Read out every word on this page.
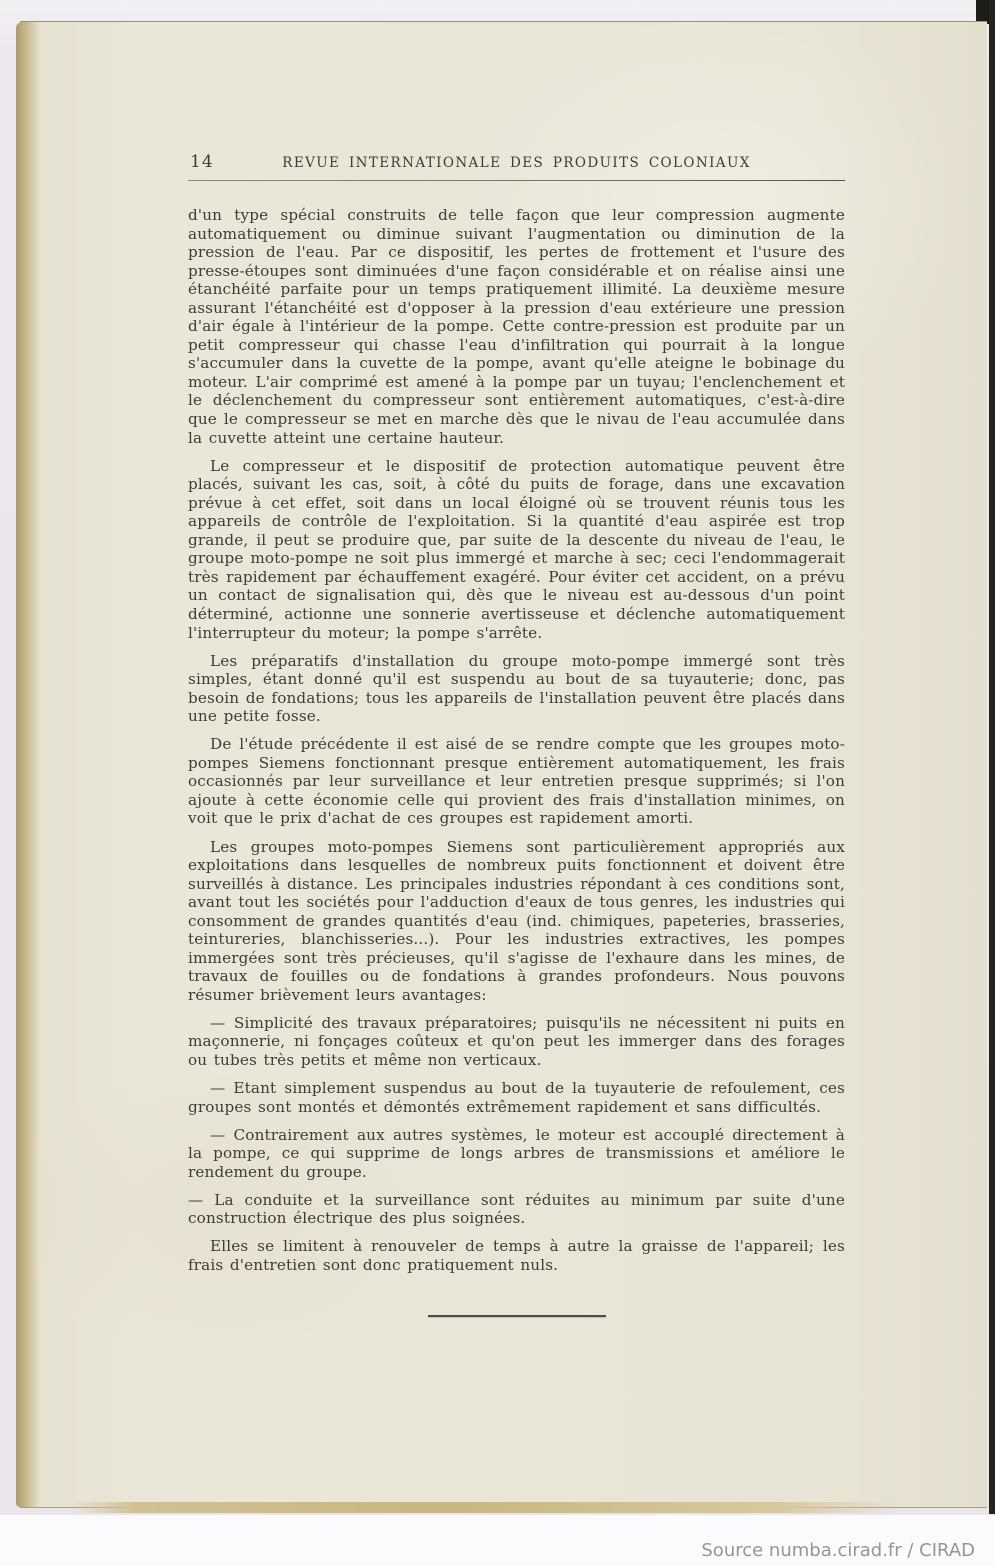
14	REVUE INTERNATIONALE DES PRODUITS COLONIAUX

d'un type spécial construits de telle façon que leur compression augmente automatiquement ou diminue suivant l'augmentation ou diminution de la pression de l'eau. Par ce dispositif, les pertes de frottement et l'usure des presse-étoupes sont diminuées d'une façon considérable et on réalise ainsi une étanchéité parfaite pour un temps pratiquement illimité. La deuxième mesure assurant l'étanchéité est d'opposer à la pression d'eau extérieure une pression d'air égale à l'intérieur de la pompe. Cette contre-pression est produite par un petit compresseur qui chasse l'eau d'infiltration qui pourrait à la longue s'accumuler dans la cuvette de la pompe, avant qu'elle ateigne le bobinage du moteur. L'air comprimé est amené à la pompe par un tuyau; l'enclenchement et le déclenchement du compresseur sont entièrement automatiques, c'est-à-dire que le compresseur se met en marche dès que le nivau de l'eau accumulée dans la cuvette atteint une certaine hauteur.

Le compresseur et le dispositif de protection automatique peuvent être placés, suivant les cas, soit, à côté du puits de forage, dans une excavation prévue à cet effet, soit dans un local éloigné où se trouvent réunis tous les appareils de contrôle de l'exploitation. Si la quantité d'eau aspirée est trop grande, il peut se produire que, par suite de la descente du niveau de l'eau, le groupe moto-pompe ne soit plus immergé et marche à sec; ceci l'endommagerait très rapidement par échauffement exagéré. Pour éviter cet accident, on a prévu un contact de signalisation qui, dès que le niveau est au-dessous d'un point déterminé, actionne une sonnerie avertisseuse et déclenche automatiquement l'interrupteur du moteur; la pompe s'arrête.

Les préparatifs d'installation du groupe moto-pompe immergé sont très simples, étant donné qu'il est suspendu au bout de sa tuyauterie; donc, pas besoin de fondations; tous les appareils de l'installation peuvent être placés dans une petite fosse.

De l'étude précédente il est aisé de se rendre compte que les groupes moto-pompes Siemens fonctionnant presque entièrement automatiquement, les frais occasionnés par leur surveillance et leur entretien presque supprimés; si l'on ajoute à cette économie celle qui provient des frais d'installation minimes, on voit que le prix d'achat de ces groupes est rapidement amorti.

Les groupes moto-pompes Siemens sont particulièrement appropriés aux exploitations dans lesquelles de nombreux puits fonctionnent et doivent être surveillés à distance. Les principales industries répondant à ces conditions sont, avant tout les sociétés pour l'adduction d'eaux de tous genres, les industries qui consomment de grandes quantités d'eau (ind. chimiques, papeteries, brasseries, teintureries, blanchisseries...). Pour les industries extractives, les pompes immergées sont très précieuses, qu'il s'agisse de l'exhaure dans les mines, de travaux de fouilles ou de fondations à grandes profondeurs. Nous pouvons résumer brièvement leurs avantages:

— Simplicité des travaux préparatoires; puisqu'ils ne nécessitent ni puits en maçonnerie, ni fonçages coûteux et qu'on peut les immerger dans des forages ou tubes très petits et même non verticaux.

— Etant simplement suspendus au bout de la tuyauterie de refoulement, ces groupes sont montés et démontés extrêmement rapidement et sans difficultés.

— Contrairement aux autres systèmes, le moteur est accouplé directement à la pompe, ce qui supprime de longs arbres de transmissions et améliore le rendement du groupe.

— La conduite et la surveillance sont réduites au minimum par suite d'une construction électrique des plus soignées.

Elles se limitent à renouveler de temps à autre la graisse de l'appareil; les frais d'entretien sont donc pratiquement nuls.

Source numba.cirad.fr / CIRAD
